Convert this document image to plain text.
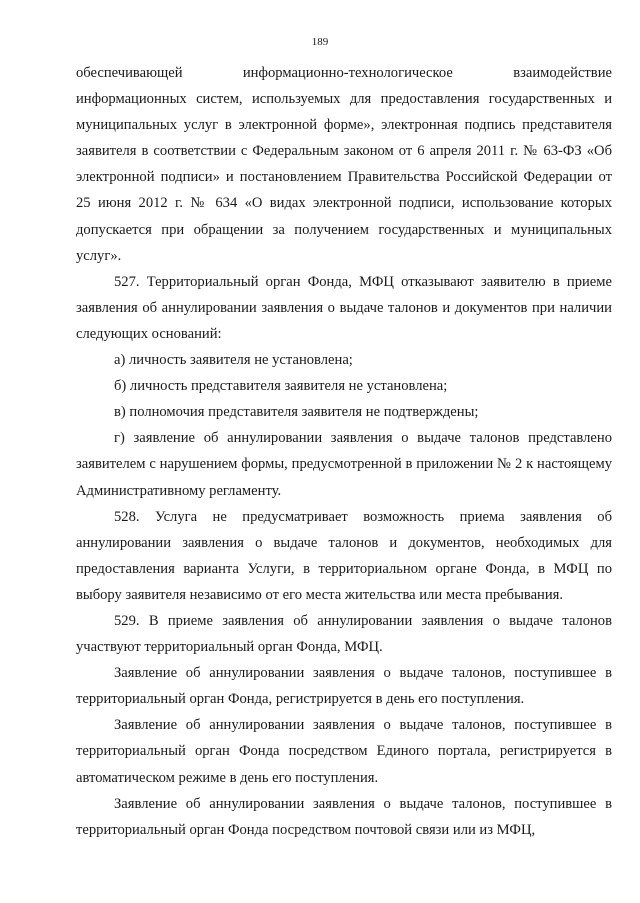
189

обеспечивающей информационно-технологическое взаимодействие информационных систем, используемых для предоставления государственных и муниципальных услуг в электронной форме», электронная подпись представителя заявителя в соответствии с Федеральным законом от 6 апреля 2011 г. № 63-ФЗ «Об электронной подписи» и постановлением Правительства Российской Федерации от 25 июня 2012 г. № 634 «О видах электронной подписи, использование которых допускается при обращении за получением государственных и муниципальных услуг».

527. Территориальный орган Фонда, МФЦ отказывают заявителю в приеме заявления об аннулировании заявления о выдаче талонов и документов при наличии следующих оснований:

а) личность заявителя не установлена;

б) личность представителя заявителя не установлена;

в) полномочия представителя заявителя не подтверждены;

г) заявление об аннулировании заявления о выдаче талонов представлено заявителем с нарушением формы, предусмотренной в приложении № 2 к настоящему Административному регламенту.

528. Услуга не предусматривает возможность приема заявления об аннулировании заявления о выдаче талонов и документов, необходимых для предоставления варианта Услуги, в территориальном органе Фонда, в МФЦ по выбору заявителя независимо от его места жительства или места пребывания.

529. В приеме заявления об аннулировании заявления о выдаче талонов участвуют территориальный орган Фонда, МФЦ.

Заявление об аннулировании заявления о выдаче талонов, поступившее в территориальный орган Фонда, регистрируется в день его поступления.

Заявление об аннулировании заявления о выдаче талонов, поступившее в территориальный орган Фонда посредством Единого портала, регистрируется в автоматическом режиме в день его поступления.

Заявление об аннулировании заявления о выдаче талонов, поступившее в территориальный орган Фонда посредством почтовой связи или из МФЦ,
